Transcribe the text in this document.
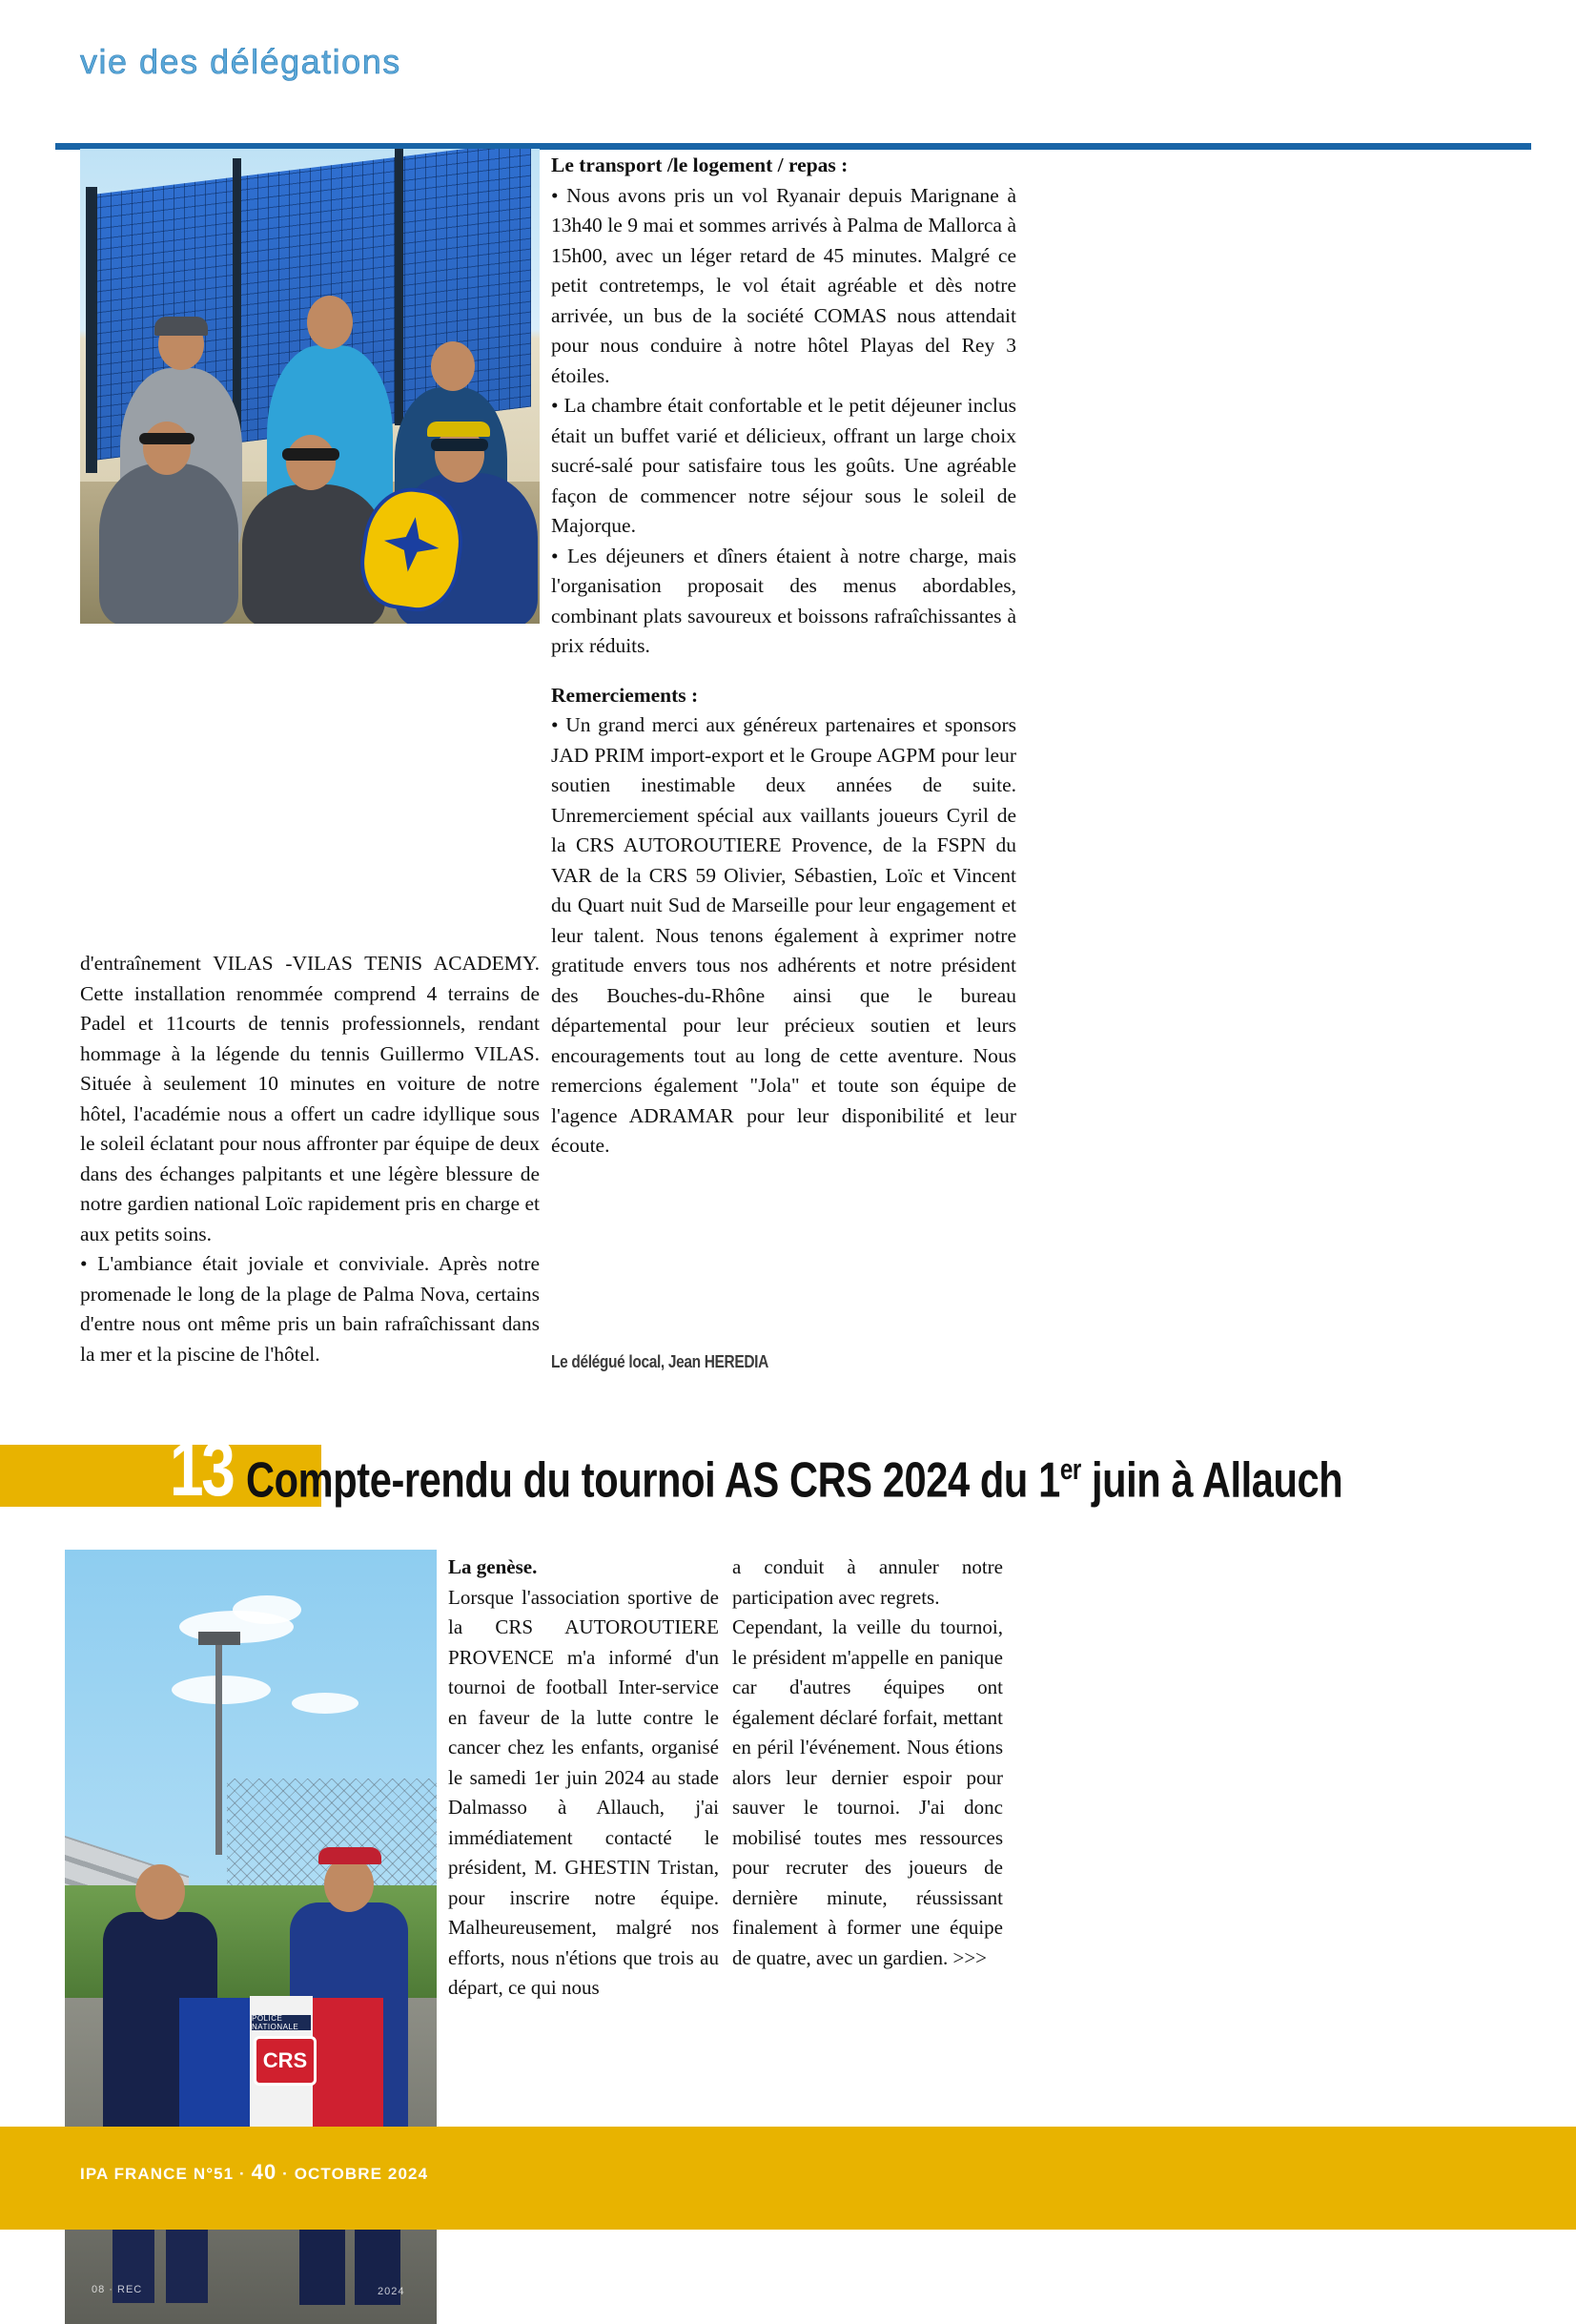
vie des délégations

d'entraînement VILAS -VILAS TENIS ACADEMY. Cette installation renommée comprend 4 terrains de Padel et 11courts de tennis professionnels, rendant hommage à la légende du tennis Guillermo VILAS. Située à seulement 10 minutes en voiture de notre hôtel, l'académie nous a offert un cadre idyllique sous le soleil éclatant pour nous affronter par équipe de deux dans des échanges palpitants et une légère blessure de notre gardien national Loïc rapidement pris en charge et aux petits soins.

• L'ambiance était joviale et conviviale. Après notre promenade le long de la plage de Palma Nova, certains d'entre nous ont même pris un bain rafraîchissant dans la mer et la piscine de l'hôtel.

Le transport /le logement / repas :

• Nous avons pris un vol Ryanair depuis Marignane à 13h40 le 9 mai et sommes arrivés à Palma de Mallorca à 15h00, avec un léger retard de 45 minutes. Malgré ce petit contretemps, le vol était agréable et dès notre arrivée, un bus de la société COMAS nous attendait pour nous conduire à notre hôtel Playas del Rey 3 étoiles.

• La chambre était confortable et le petit déjeuner inclus était un buffet varié et délicieux, offrant un large choix sucré-salé pour satisfaire tous les goûts. Une agréable façon de commencer notre séjour sous le soleil de Majorque.

• Les déjeuners et dîners étaient à notre charge, mais l'organisation proposait des menus abordables, combinant plats savoureux et boissons rafraîchissantes à prix réduits.

Remerciements :

• Un grand merci aux généreux partenaires et sponsors JAD PRIM import-export et le Groupe AGPM pour leur soutien inestimable deux années de suite. Unremerciement spécial aux vaillants joueurs Cyril de la CRS AUTOROUTIERE Provence, de la FSPN du VAR de la CRS 59 Olivier, Sébastien, Loïc et Vincent du Quart nuit Sud de Marseille pour leur engagement et leur talent. Nous tenons également à exprimer notre gratitude envers tous nos adhérents et notre président des Bouches-du-Rhône ainsi que le bureau départemental pour leur précieux soutien et leurs encouragements tout au long de cette aventure. Nous remercions également "Jola" et toute son équipe de l'agence ADRAMAR pour leur disponibilité et leur écoute.

Le délégué local, Jean HEREDIA
13 Compte-rendu du tournoi AS CRS 2024 du 1er juin à Allauch
POLICE NATIONALE
CRS
08 · REC	2024

La genèse.

Lorsque l'association sportive de la CRS AUTOROUTIERE PROVENCE m'a informé d'un tournoi de football Inter-service en faveur de la lutte contre le cancer chez les enfants, organisé le samedi 1er juin 2024 au stade Dalmasso à Allauch, j'ai immédiatement contacté le président, M. GHESTIN Tristan, pour inscrire notre équipe. Malheureusement, malgré nos efforts, nous n'étions que trois au départ, ce qui nous

a conduit à annuler notre participation avec regrets.

Cependant, la veille du tournoi, le président m'appelle en panique car d'autres équipes ont également déclaré forfait, mettant en péril l'événement. Nous étions alors leur dernier espoir pour sauver le tournoi. J'ai donc mobilisé toutes mes ressources pour recruter des joueurs de dernière minute, réussissant finalement à former une équipe de quatre, avec un gardien. >>>

IPA FRANCE N°51 · 40 · OCTOBRE 2024
